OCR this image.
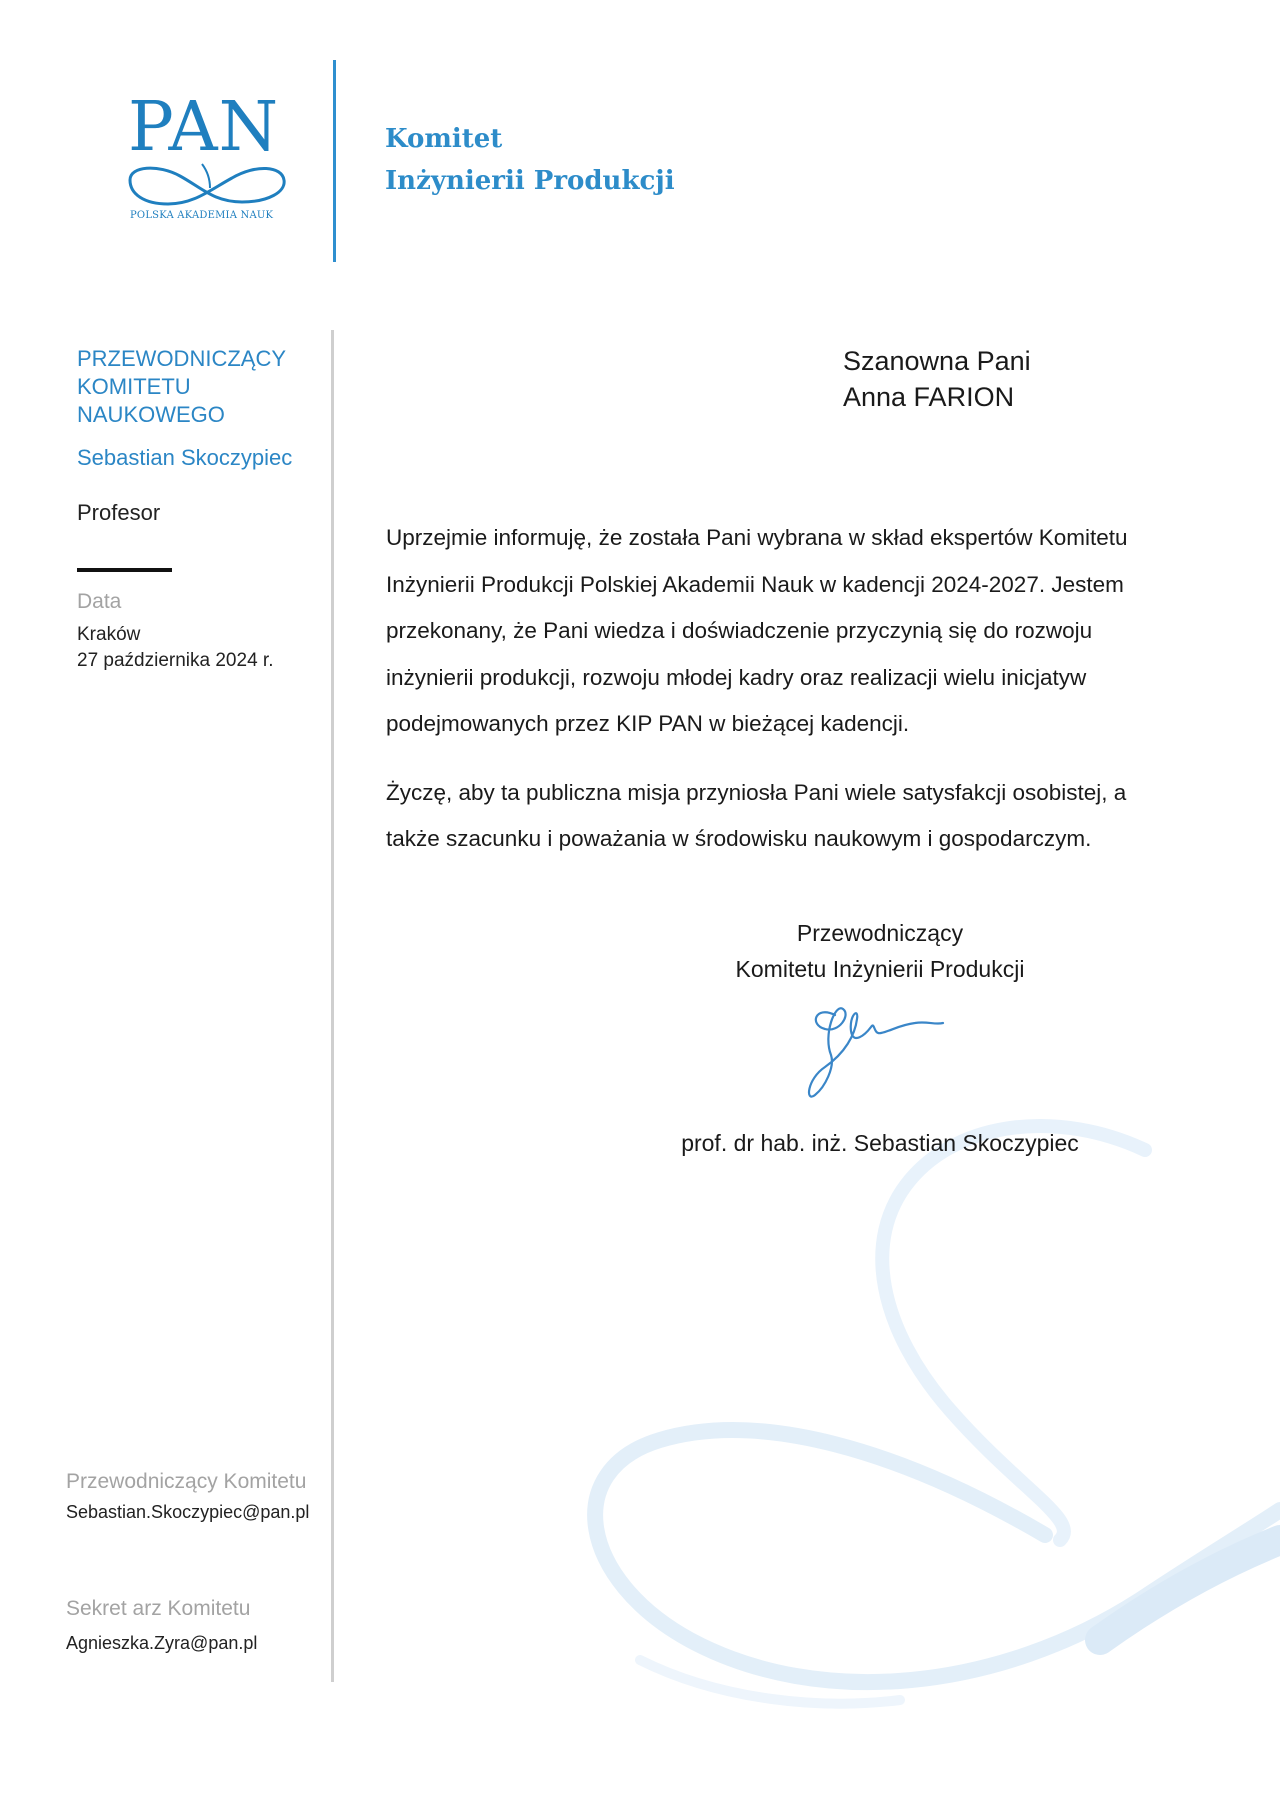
PAN
POLSKA AKADEMIA NAUK
Komitet
Inżynierii Produkcji
PRZEWODNICZĄCY KOMITETU NAUKOWEGO
Sebastian Skoczypiec
Profesor
Data
Kraków
27 października 2024 r.
Przewodniczący Komitetu
Sebastian.Skoczypiec@pan.pl
Sekret arz Komitetu
Agnieszka.Zyra@pan.pl
Szanowna Pani
Anna FARION

Uprzejmie informuję, że została Pani wybrana w skład ekspertów Komitetu Inżynierii Produkcji Polskiej Akademii Nauk w kadencji 2024-2027. Jestem przekonany, że Pani wiedza i doświadczenie przyczynią się do rozwoju inżynierii produkcji, rozwoju młodej kadry oraz realizacji wielu inicjatyw podejmowanych przez KIP PAN w bieżącej kadencji.

Życzę, aby ta publiczna misja przyniosła Pani wiele satysfakcji osobistej, a także szacunku i poważania w środowisku naukowym i gospodarczym.

Przewodniczący
Komitetu Inżynierii Produkcji
prof. dr hab. inż. Sebastian Skoczypiec
